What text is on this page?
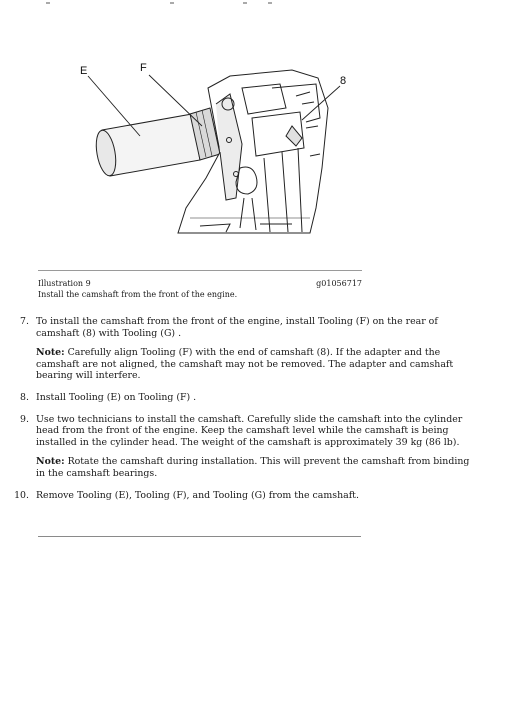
E	F
8
Illustration 9	g01056717
Install the camshaft from the front of the engine.
7. To install the camshaft from the front of the engine, install Tooling (F) on the rear of camshaft (8) with Tooling (G) .
Note: Carefully align Tooling (F) with the end of camshaft (8). If the adapter and the camshaft are not aligned, the camshaft may not be removed. The adapter and camshaft bearing will interfere.
8. Install Tooling (E) on Tooling (F) .
9. Use two technicians to install the camshaft. Carefully slide the camshaft into the cylinder head from the front of the engine. Keep the camshaft level while the camshaft is being installed in the cylinder head. The weight of the camshaft is approximately 39 kg (86 lb).
Note: Rotate the camshaft during installation. This will prevent the camshaft from binding in the camshaft bearings.
10. Remove Tooling (E), Tooling (F), and Tooling (G) from the camshaft.
